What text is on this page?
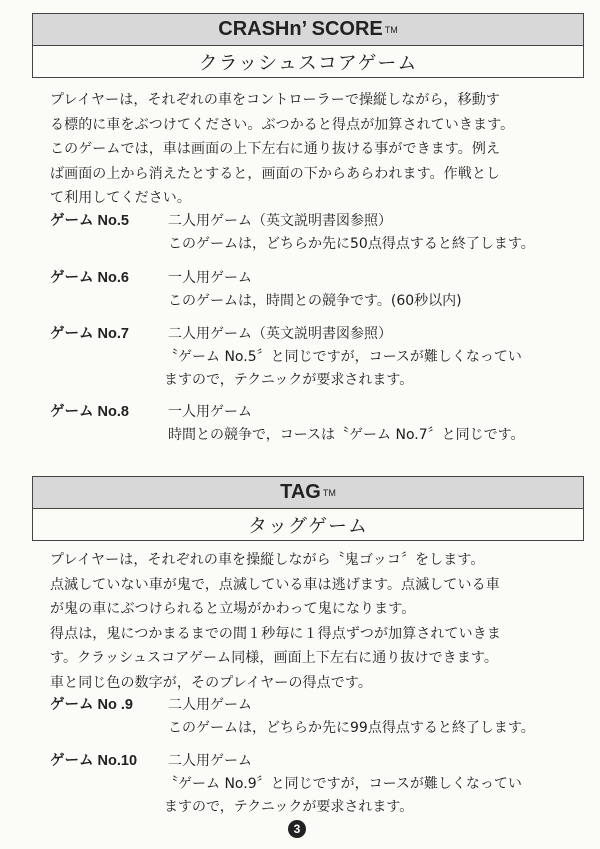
CRASHn’ SCORE TM
クラッシュスコアゲーム
プレイヤーは，それぞれの車をコントローラーで操縦しながら，移動す
る標的に車をぶつけてください。ぶつかると得点が加算されていきます。
このゲームでは，車は画面の上下左右に通り抜ける事ができます。例え
ば画面の上から消えたとすると，画面の下からあらわれます。作戦とし
て利用してください。
ゲーム No.5	二人用ゲーム（英文説明書図参照）
このゲームは，どちらか先に50点得点すると終了します。
ゲーム No.6	一人用ゲーム
このゲームは，時間との競争です。(60秒以内)
ゲーム No.7	二人用ゲーム（英文説明書図参照）
〝ゲーム No.5〞と同じですが，コースが難しくなってい
ますので，テクニックが要求されます。
ゲーム No.8	一人用ゲーム
時間との競争で，コースは〝ゲーム No.7〞と同じです。
TAG TM
タッグゲーム
プレイヤーは，それぞれの車を操縦しながら〝鬼ゴッコ〞をします。
点滅していない車が鬼で，点滅している車は逃げます。点滅している車
が鬼の車にぶつけられると立場がかわって鬼になります。
得点は，鬼につかまるまでの間１秒毎に１得点ずつが加算されていきま
す。クラッシュスコアゲーム同様，画面上下左右に通り抜けできます。
車と同じ色の数字が，そのプレイヤーの得点です。
ゲーム No .9	二人用ゲーム
このゲームは，どちらか先に99点得点すると終了します。
ゲーム No.10 二人用ゲーム
〝ゲーム No.9〞と同じですが，コースが難しくなってい
ますので，テクニックが要求されます。
3
